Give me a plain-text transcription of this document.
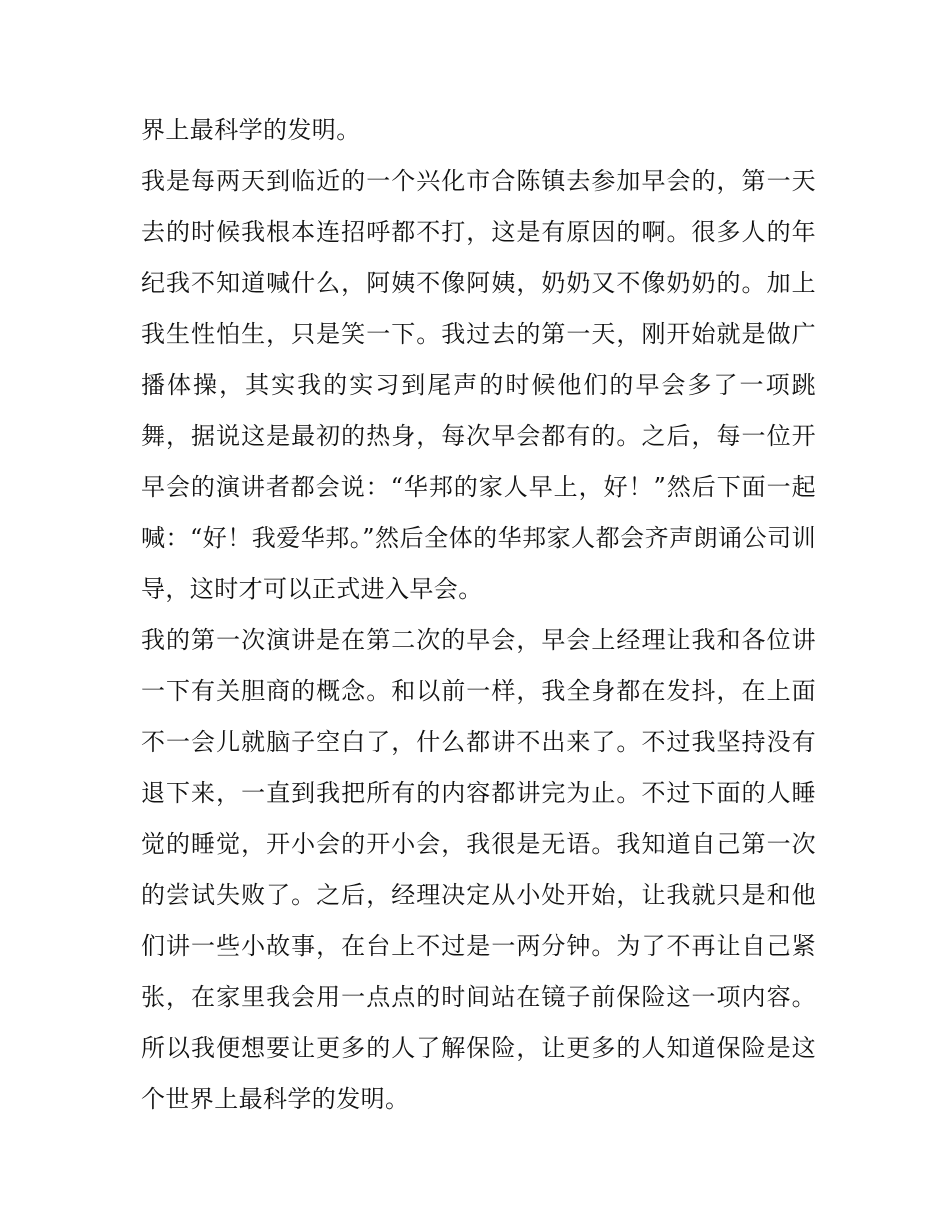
界上最科学的发明。

我是每两天到临近的一个兴化市合陈镇去参加早会的，第一天去的时候我根本连招呼都不打，这是有原因的啊。很多人的年纪我不知道喊什么，阿姨不像阿姨，奶奶又不像奶奶的。加上我生性怕生，只是笑一下。我过去的第一天，刚开始就是做广播体操，其实我的实习到尾声的时候他们的早会多了一项跳舞，据说这是最初的热身，每次早会都有的。之后，每一位开早会的演讲者都会说：“华邦的家人早上，好！”然后下面一起喊：“好！我爱华邦。”然后全体的华邦家人都会齐声朗诵公司训导，这时才可以正式进入早会。

我的第一次演讲是在第二次的早会，早会上经理让我和各位讲一下有关胆商的概念。和以前一样，我全身都在发抖，在上面不一会儿就脑子空白了，什么都讲不出来了。不过我坚持没有退下来，一直到我把所有的内容都讲完为止。不过下面的人睡觉的睡觉，开小会的开小会，我很是无语。我知道自己第一次的尝试失败了。之后，经理决定从小处开始，让我就只是和他们讲一些小故事，在台上不过是一两分钟。为了不再让自己紧张，在家里我会用一点点的时间站在镜子前保险这一项内容。所以我便想要让更多的人了解保险，让更多的人知道保险是这个世界上最科学的发明。
